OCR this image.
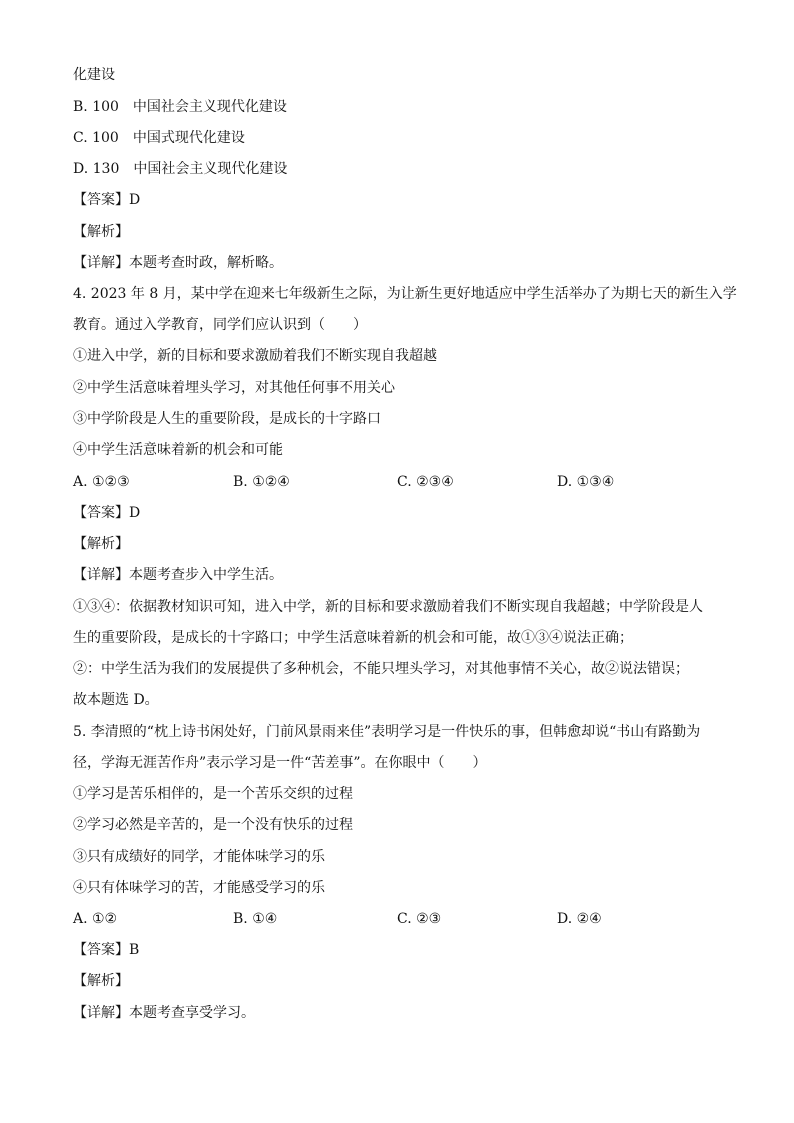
化建设
B. 100　中国社会主义现代化建设
C. 100　中国式现代化建设
D. 130　中国社会主义现代化建设
【答案】D
【解析】
【详解】本题考查时政，解析略。
4. 2023 年 8 月，某中学在迎来七年级新生之际，为让新生更好地适应中学生活举办了为期七天的新生入学
教育。通过入学教育，同学们应认识到（　　）
①进入中学，新的目标和要求激励着我们不断实现自我超越
②中学生活意味着埋头学习，对其他任何事不用关心
③中学阶段是人生的重要阶段，是成长的十字路口
④中学生活意味着新的机会和可能
A. ①②③	B. ①②④	C. ②③④	D. ①③④
【答案】D
【解析】
【详解】本题考查步入中学生活。
①③④：依据教材知识可知，进入中学，新的目标和要求激励着我们不断实现自我超越；中学阶段是人
生的重要阶段，是成长的十字路口；中学生活意味着新的机会和可能，故①③④说法正确；
②：中学生活为我们的发展提供了多种机会，不能只埋头学习，对其他事情不关心，故②说法错误；
故本题选 D。
5. 李清照的“枕上诗书闲处好，门前风景雨来佳”表明学习是一件快乐的事，但韩愈却说“书山有路勤为
径，学海无涯苦作舟”表示学习是一件“苦差事”。在你眼中（　　）
①学习是苦乐相伴的，是一个苦乐交织的过程
②学习必然是辛苦的，是一个没有快乐的过程
③只有成绩好的同学，才能体味学习的乐
④只有体味学习的苦，才能感受学习的乐
A. ①②	B. ①④	C. ②③	D. ②④
【答案】B
【解析】
【详解】本题考查享受学习。
